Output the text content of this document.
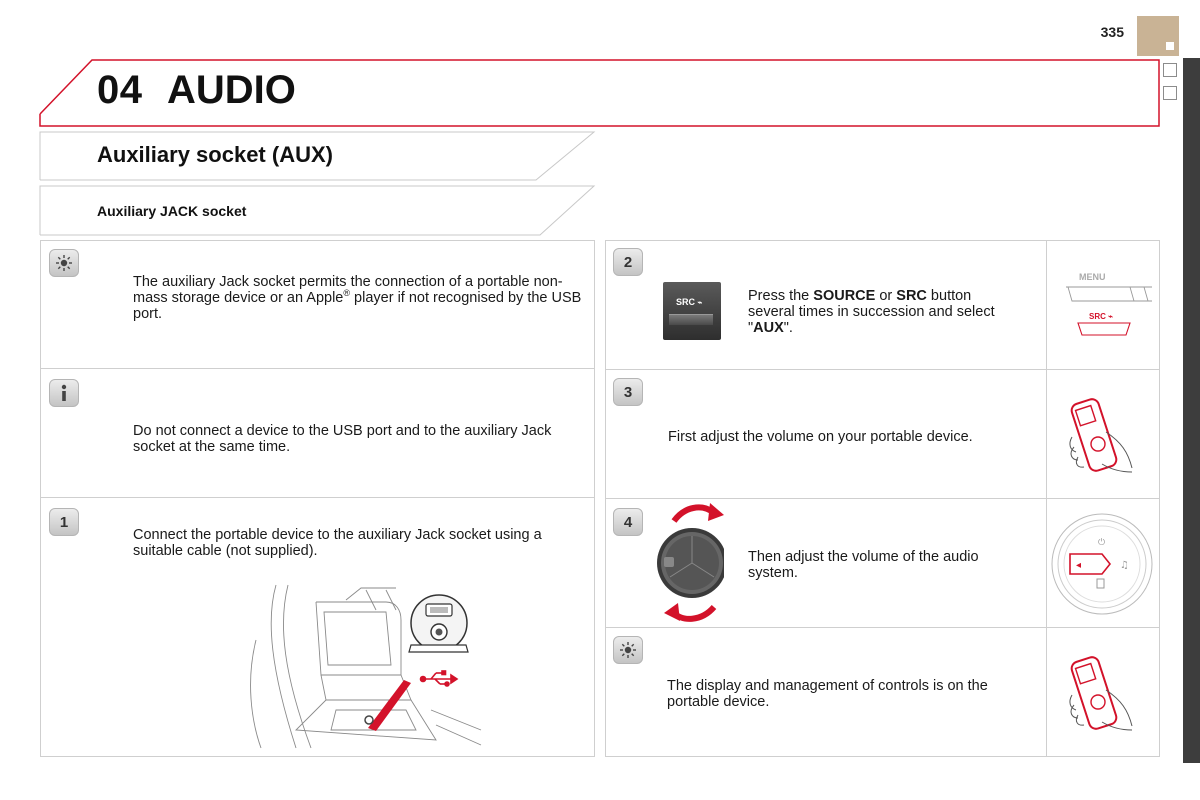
335
04 AUDIO
Auxiliary socket (AUX)
Auxiliary JACK socket
The auxiliary Jack socket permits the connection of a portable non-mass storage device or an Apple® player if not recognised by the USB port.
Do not connect a device to the USB port and to the auxiliary Jack socket at the same time.
1
Connect the portable device to the auxiliary Jack socket using a suitable cable (not supplied).
2
SRC ⌁	Press the SOURCE or SRC button several times in succession and select "AUX".
MENU
SRC ⌁
3
First adjust the volume on your portable device.
4
Then adjust the volume of the audio system.	◂
⏻
♫
The display and management of controls is on the portable device.
